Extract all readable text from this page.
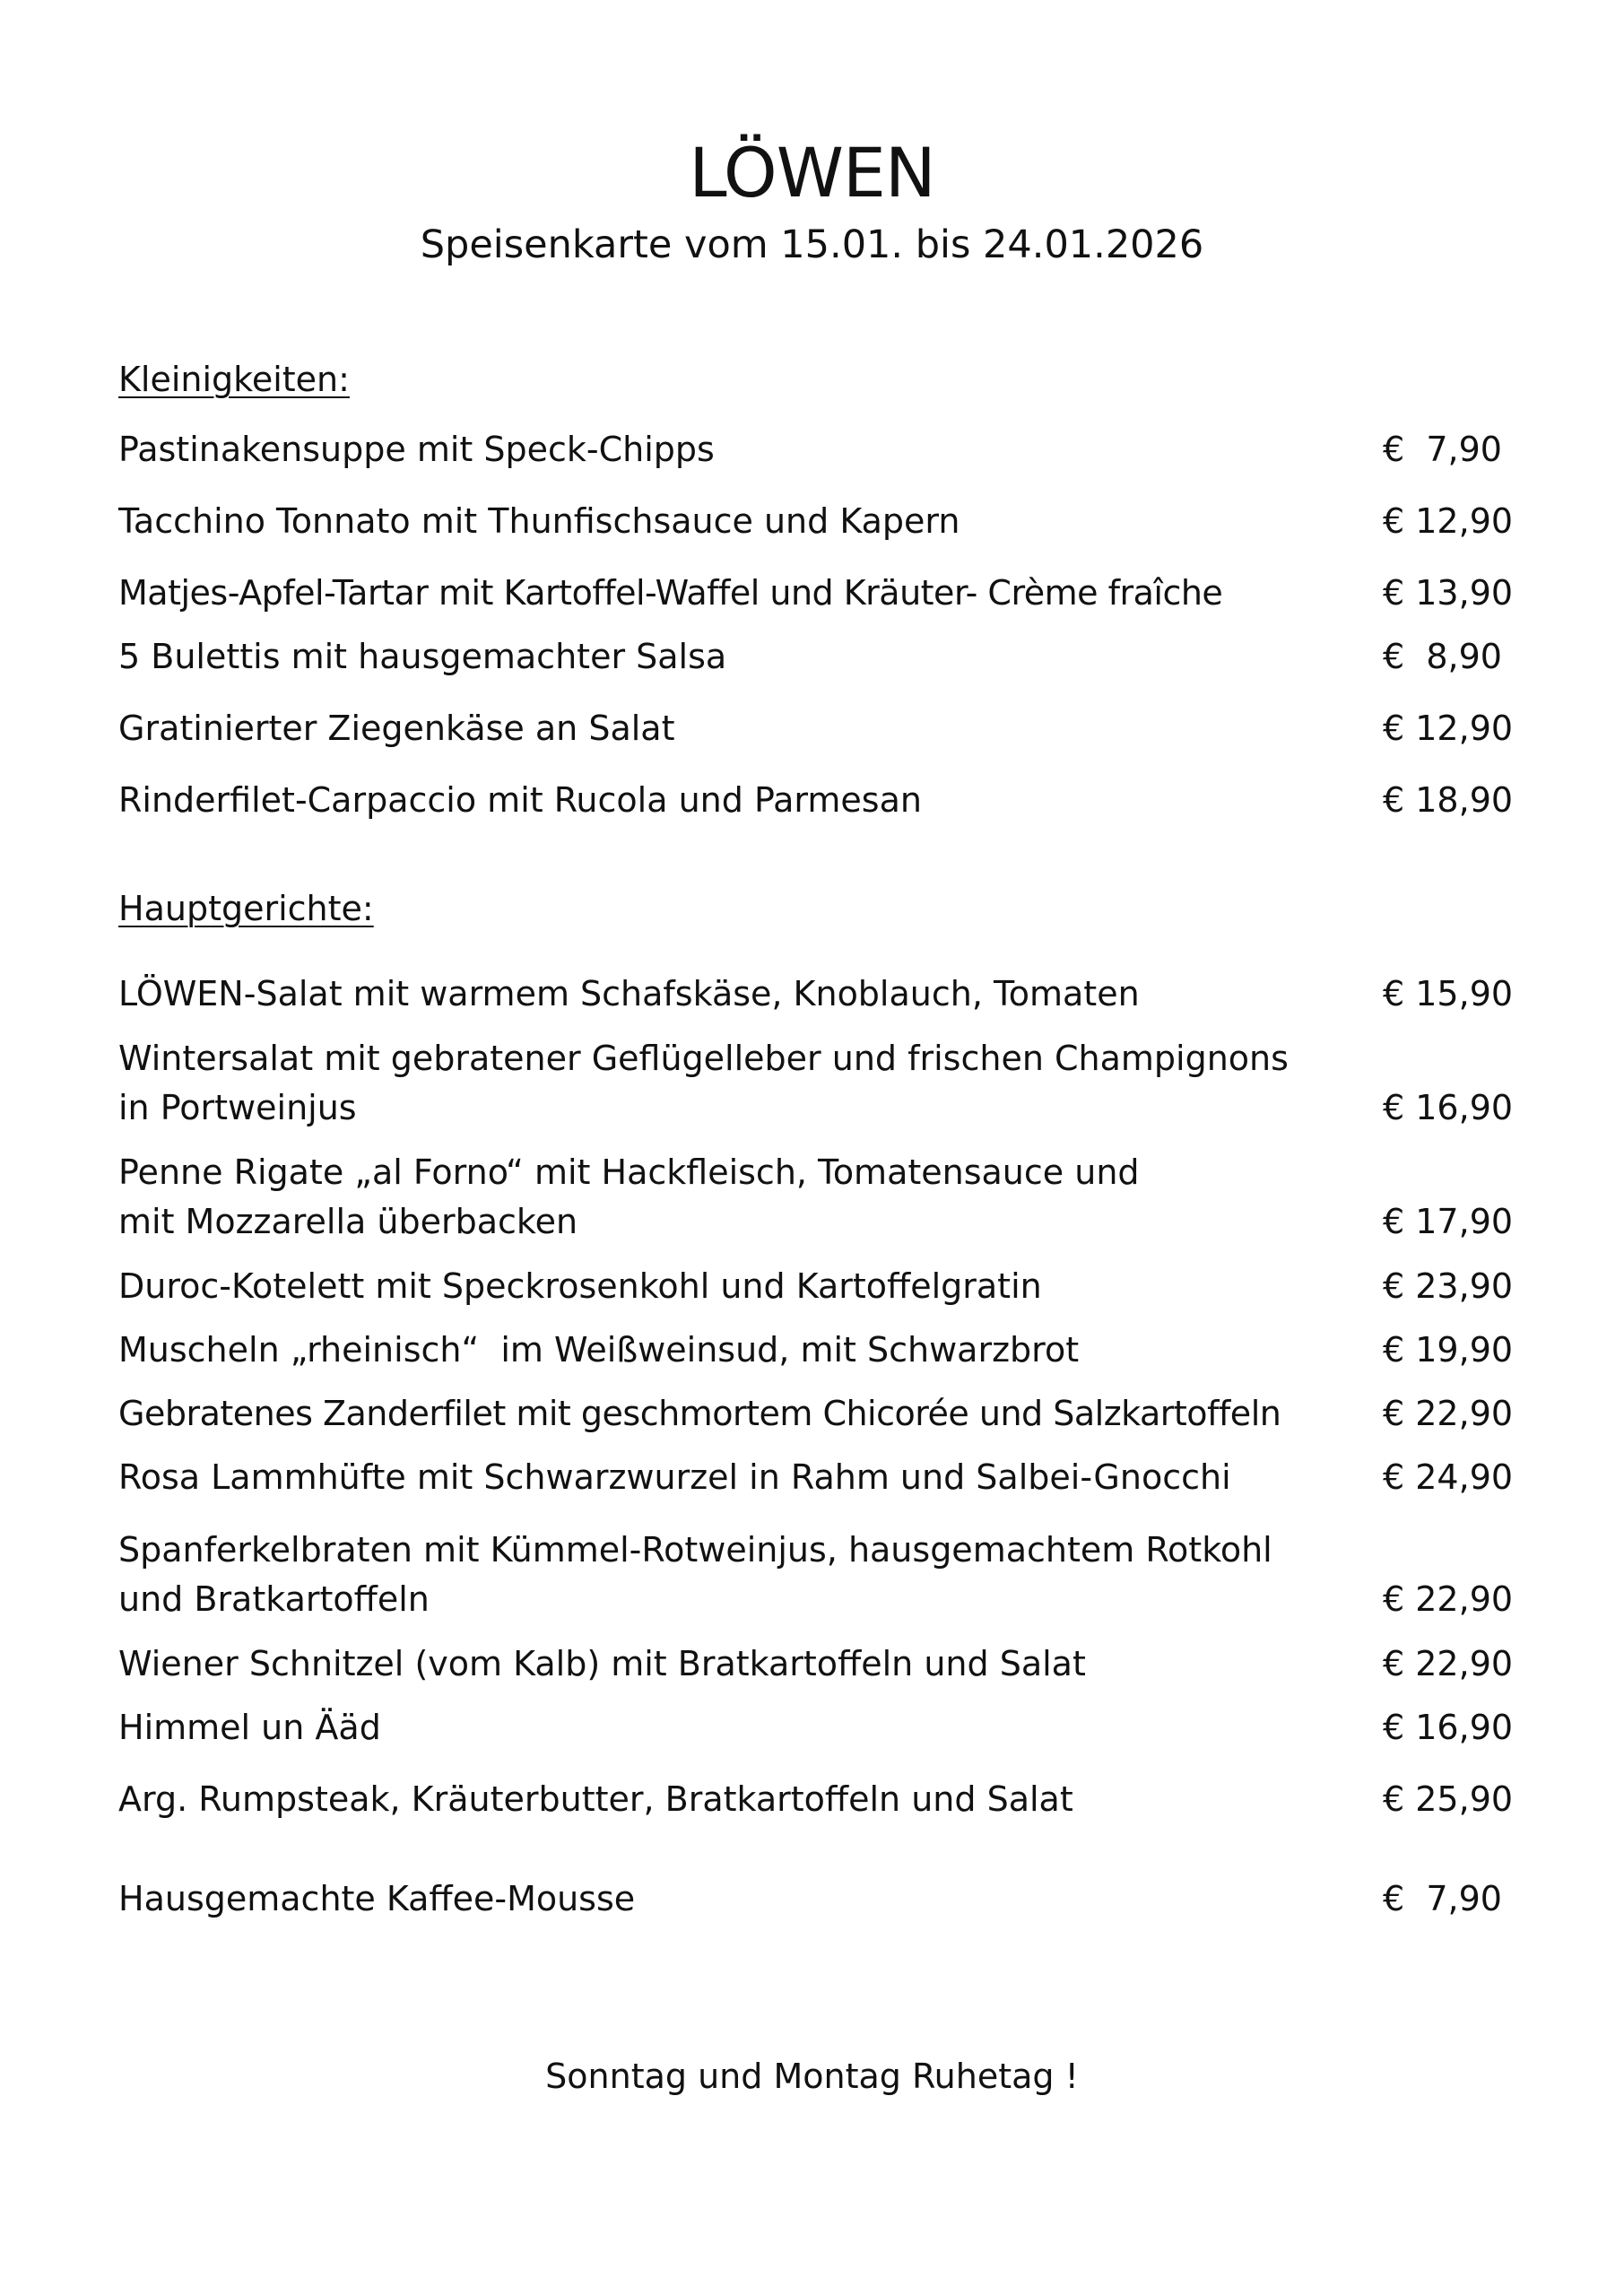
LÖWEN
Speisenkarte vom 15.01. bis 24.01.2026
Kleinigkeiten:
Pastinakensuppe mit Speck-Chipps	€  7,90
Tacchino Tonnato mit Thunfischsauce und Kapern	€ 12,90
Matjes-Apfel-Tartar mit Kartoffel-Waffel und Kräuter- Crème fraîche	€ 13,90
5 Bulettis mit hausgemachter Salsa	€  8,90
Gratinierter Ziegenkäse an Salat	€ 12,90
Rinderfilet-Carpaccio mit Rucola und Parmesan	€ 18,90
Hauptgerichte:
LÖWEN-Salat mit warmem Schafskäse, Knoblauch, Tomaten	€ 15,90
Wintersalat mit gebratener Geflügelleber und frischen Champignons
in Portweinjus	€ 16,90
Penne Rigate „al Forno“ mit Hackfleisch, Tomatensauce und
mit Mozzarella überbacken	€ 17,90
Duroc-Kotelett mit Speckrosenkohl und Kartoffelgratin	€ 23,90
Muscheln „rheinisch“  im Weißweinsud, mit Schwarzbrot	€ 19,90
Gebratenes Zanderfilet mit geschmortem Chicorée und Salzkartoffeln	€ 22,90
Rosa Lammhüfte mit Schwarzwurzel in Rahm und Salbei-Gnocchi	€ 24,90
Spanferkelbraten mit Kümmel-Rotweinjus, hausgemachtem Rotkohl
und Bratkartoffeln	€ 22,90
Wiener Schnitzel (vom Kalb) mit Bratkartoffeln und Salat	€ 22,90
Himmel un Ääd	€ 16,90
Arg. Rumpsteak, Kräuterbutter, Bratkartoffeln und Salat	€ 25,90
Hausgemachte Kaffee-Mousse	€  7,90
Sonntag und Montag Ruhetag !
